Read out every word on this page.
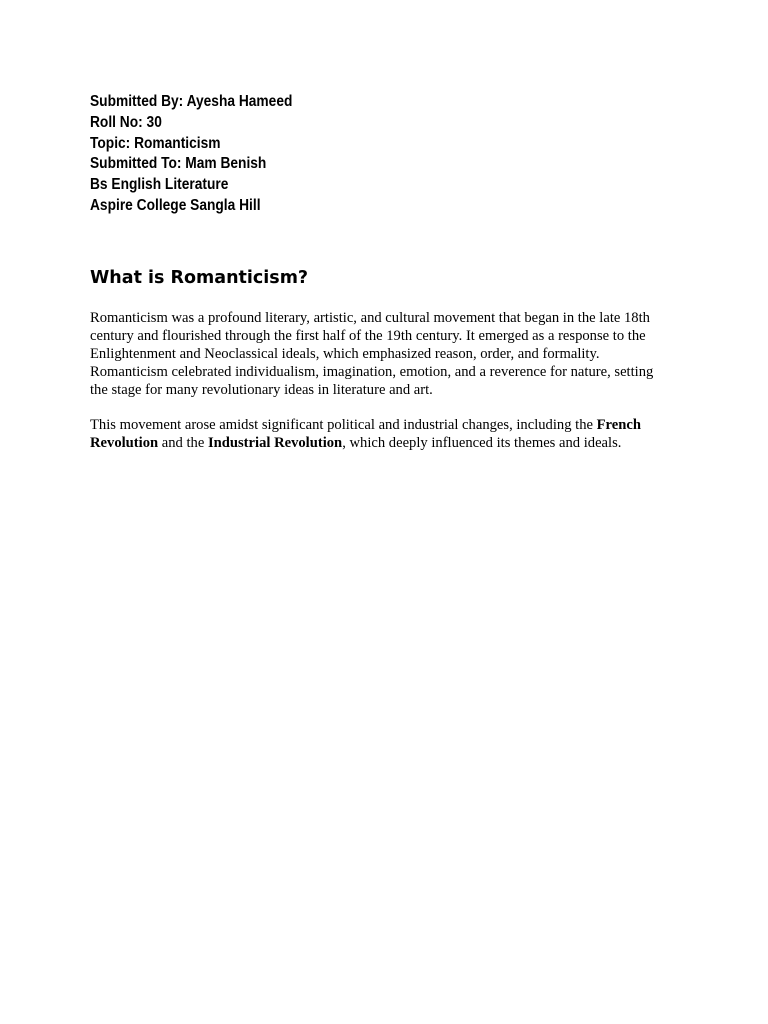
Submitted By: Ayesha Hameed
Roll No: 30
Topic: Romanticism
Submitted To: Mam Benish
Bs English Literature
Aspire College Sangla Hill
What is Romanticism?

Romanticism was a profound literary, artistic, and cultural movement that began in the late 18th
century and flourished through the first half of the 19th century. It emerged as a response to the
Enlightenment and Neoclassical ideals, which emphasized reason, order, and formality.
Romanticism celebrated individualism, imagination, emotion, and a reverence for nature, setting
the stage for many revolutionary ideas in literature and art.

This movement arose amidst significant political and industrial changes, including the French
Revolution and the Industrial Revolution, which deeply influenced its themes and ideals.
